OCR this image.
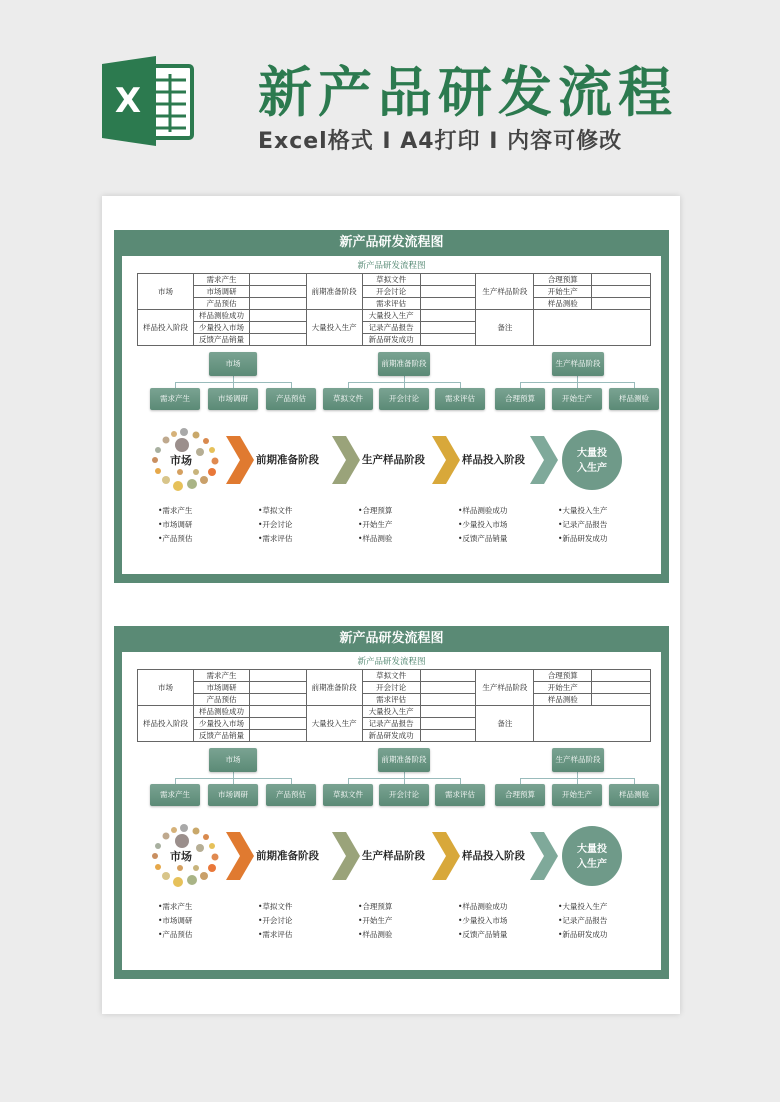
X 新产品研发流程
Excel格式 I A4打印 I 内容可修改
新产品研发流程图
新产品研发流程图
市场	需求产生		前期准备阶段	草拟文件		生产样品阶段	合理预算	
	市场调研			开会讨论			开始生产	
	产品预估			需求评估			样品测验	
样品投入阶段	样品测验成功		大量投入生产	大量投入生产		备注		
	少量投入市场			记录产品报告				
	反馈产品销量			新品研发成功				
市场	前期准备阶段	生产样品阶段
需求产生	市场调研	产品预估	草拟文件	开会讨论	需求评估	合理预算	开始生产	样品测验
大量投
入生产
市场	前期准备阶段	生产样品阶段	样品投入阶段
•需求产生
•市场调研
•产品预估
•草拟文件
•开会讨论
•需求评估
•合理预算
•开始生产
•样品测验
•样品测验成功
•少量投入市场
•反馈产品销量
•大量投入生产
•记录产品报告
•新品研发成功
新产品研发流程图
新产品研发流程图
市场	需求产生		前期准备阶段	草拟文件		生产样品阶段	合理预算	
	市场调研			开会讨论			开始生产	
	产品预估			需求评估			样品测验	
样品投入阶段	样品测验成功		大量投入生产	大量投入生产		备注		
	少量投入市场			记录产品报告				
	反馈产品销量			新品研发成功				
市场	前期准备阶段	生产样品阶段
需求产生	市场调研	产品预估	草拟文件	开会讨论	需求评估	合理预算	开始生产	样品测验
大量投
入生产
市场	前期准备阶段	生产样品阶段	样品投入阶段
•需求产生
•市场调研
•产品预估
•草拟文件
•开会讨论
•需求评估
•合理预算
•开始生产
•样品测验
•样品测验成功
•少量投入市场
•反馈产品销量
•大量投入生产
•记录产品报告
•新品研发成功
